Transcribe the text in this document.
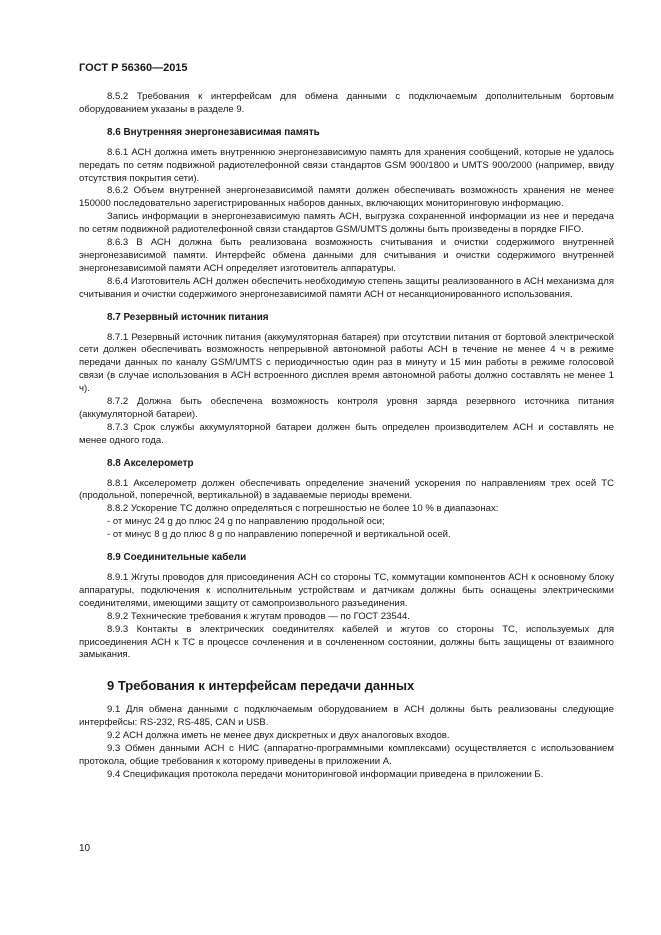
ГОСТ Р 56360—2015

8.5.2 Требования к интерфейсам для обмена данными с подключаемым дополнительным бортовым оборудованием указаны в разделе 9.

8.6 Внутренняя энергонезависимая память

8.6.1 АСН должна иметь внутреннюю энергонезависимую память для хранения сообщений, которые не удалось передать по сетям подвижной радиотелефонной связи стандартов GSM 900/1800 и UMTS 900/2000 (например, ввиду отсутствия покрытия сети).

8.6.2 Объем внутренней энергонезависимой памяти должен обеспечивать возможность хранения не менее 150000 последовательно зарегистрированных наборов данных, включающих мониторинговую информацию.

Запись информации в энергонезависимую память АСН, выгрузка сохраненной информации из нее и передача по сетям подвижной радиотелефонной связи стандартов GSM/UMTS должны быть произведены в порядке FIFO.

8.6.3 В АСН должна быть реализована возможность считывания и очистки содержимого внутренней энергонезависимой памяти. Интерфейс обмена данными для считывания и очистки содержимого внутренней энергонезависимой памяти АСН определяет изготовитель аппаратуры.

8.6.4 Изготовитель АСН должен обеспечить необходимую степень защиты реализованного в АСН механизма для считывания и очистки содержимого энергонезависимой памяти АСН от несанкционированного использования.

8.7 Резервный источник питания

8.7.1 Резервный источник питания (аккумуляторная батарея) при отсутствии питания от бортовой электрической сети должен обеспечивать возможность непрерывной автономной работы АСН в течение не менее 4 ч в режиме передачи данных по каналу GSM/UMTS с периодичностью один раз в минуту и 15 мин работы в режиме голосовой связи (в случае использования в АСН встроенного дисплея время автономной работы должно составлять не менее 1 ч).

8.7.2 Должна быть обеспечена возможность контроля уровня заряда резервного источника питания (аккумуляторной батареи).

8.7.3 Срок службы аккумуляторной батареи должен быть определен производителем АСН и составлять не менее одного года.

8.8 Акселерометр

8.8.1 Акселерометр должен обеспечивать определение значений ускорения по направлениям трех осей ТС (продольной, поперечной, вертикальной) в задаваемые периоды времени.

8.8.2 Ускорение ТС должно определяться с погрешностью не более 10 % в диапазонах:

- от минус 24 g до плюс 24 g по направлению продольной оси;

- от минус 8 g до плюс 8 g по направлению поперечной и вертикальной осей.

8.9 Соединительные кабели

8.9.1 Жгуты проводов для присоединения АСН со стороны ТС, коммутации компонентов АСН к основному блоку аппаратуры, подключения к исполнительным устройствам и датчикам должны быть оснащены электрическими соединителями, имеющими защиту от самопроизвольного разъединения.

8.9.2 Технические требования к жгутам проводов — по ГОСТ 23544.

8.9.3 Контакты в электрических соединителях кабелей и жгутов со стороны ТС, используемых для присоединения АСН к ТС в процессе сочленения и в сочлененном состоянии, должны быть защищены от взаимного замыкания.

9 Требования к интерфейсам передачи данных

9.1 Для обмена данными с подключаемым оборудованием в АСН должны быть реализованы следующие интерфейсы: RS-232, RS-485, CAN и USB.

9.2 АСН должна иметь не менее двух дискретных и двух аналоговых входов.

9.3 Обмен данными АСН с НИС (аппаратно-программными комплексами) осуществляется с использованием протокола, общие требования к которому приведены в приложении А.

9.4 Спецификация протокола передачи мониторинговой информации приведена в приложении Б.

10
